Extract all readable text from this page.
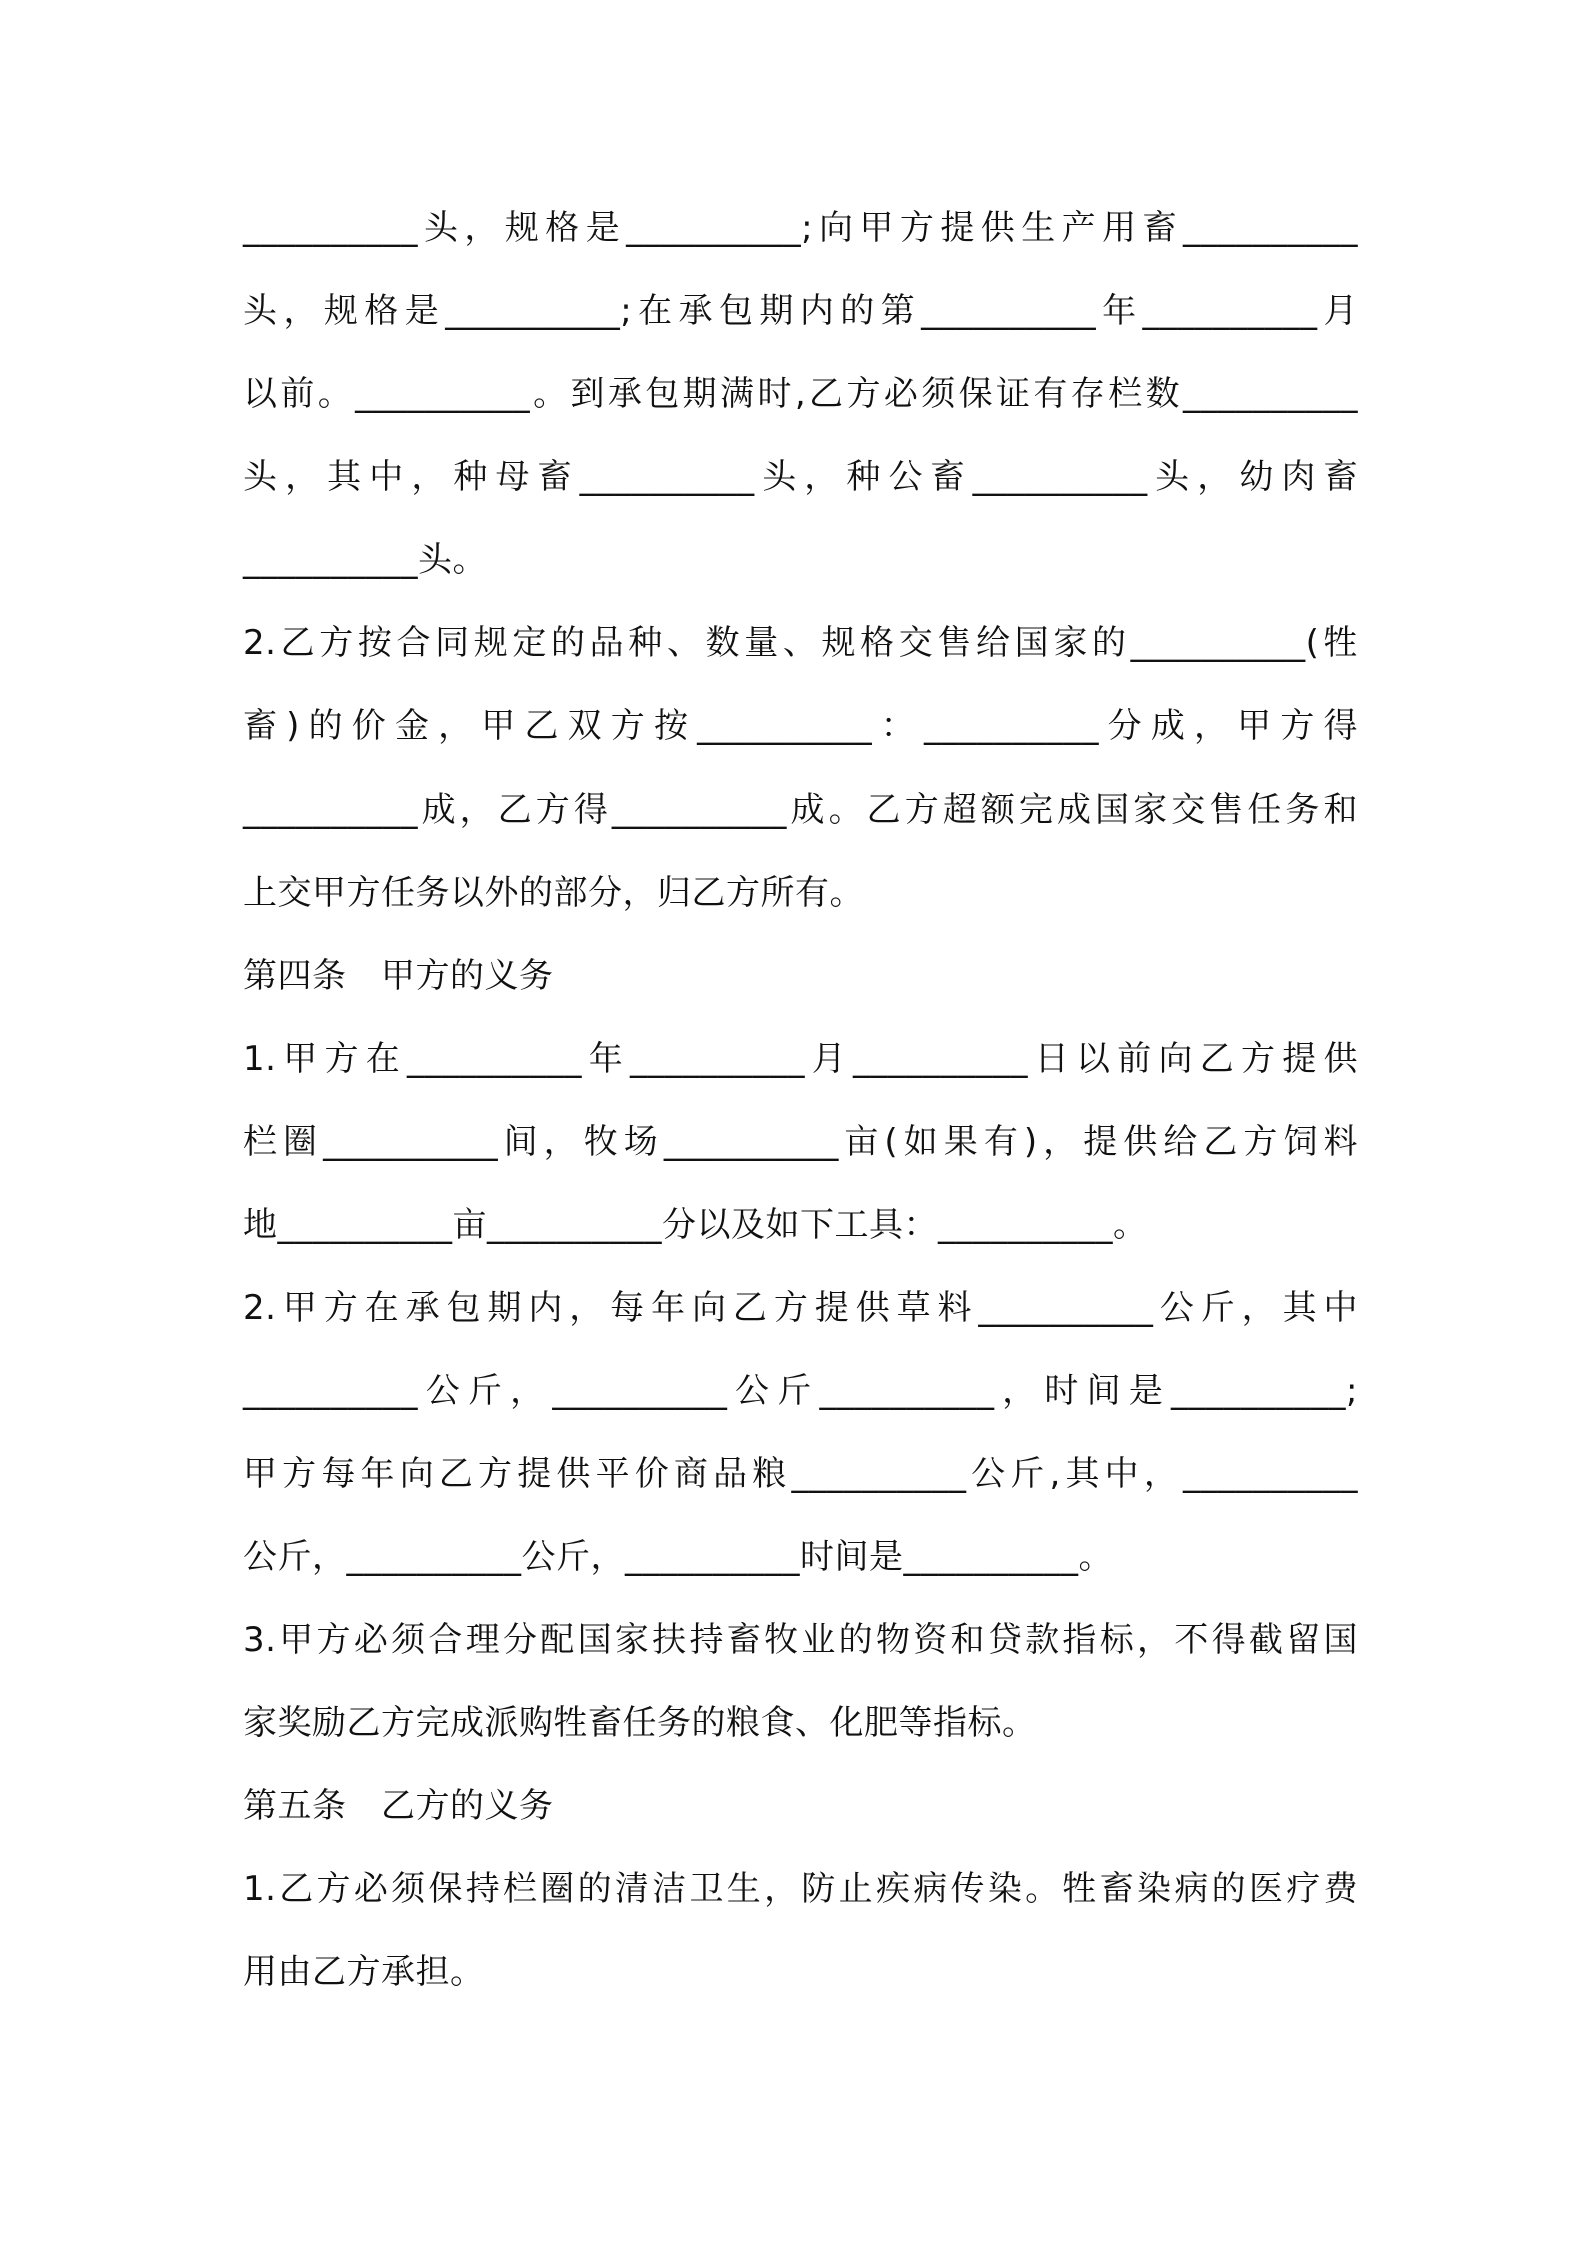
__________头，规格是__________;向甲方提供生产用畜__________
头，规格是__________;在承包期内的第__________年__________月
以前。__________。到承包期满时,乙方必须保证有存栏数__________
头，其中，种母畜__________头，种公畜__________头，幼肉畜
__________头。
2.乙方按合同规定的品种、数量、规格交售给国家的__________(牲
畜)的价金，甲乙双方按__________：__________分成，甲方得
__________成，乙方得__________成。乙方超额完成国家交售任务和
上交甲方任务以外的部分，归乙方所有。
第四条　甲方的义务
1.甲方在__________年__________月__________日以前向乙方提供
栏圈__________间，牧场__________亩(如果有)，提供给乙方饲料
地__________亩__________分以及如下工具：__________。
2.甲方在承包期内，每年向乙方提供草料__________公斤，其中
__________公斤，__________公斤__________，时间是__________;
甲方每年向乙方提供平价商品粮__________公斤,其中，__________
公斤，__________公斤，__________时间是__________。
3.甲方必须合理分配国家扶持畜牧业的物资和贷款指标，不得截留国
家奖励乙方完成派购牲畜任务的粮食、化肥等指标。
第五条　乙方的义务
1.乙方必须保持栏圈的清洁卫生，防止疾病传染。牲畜染病的医疗费
用由乙方承担。
